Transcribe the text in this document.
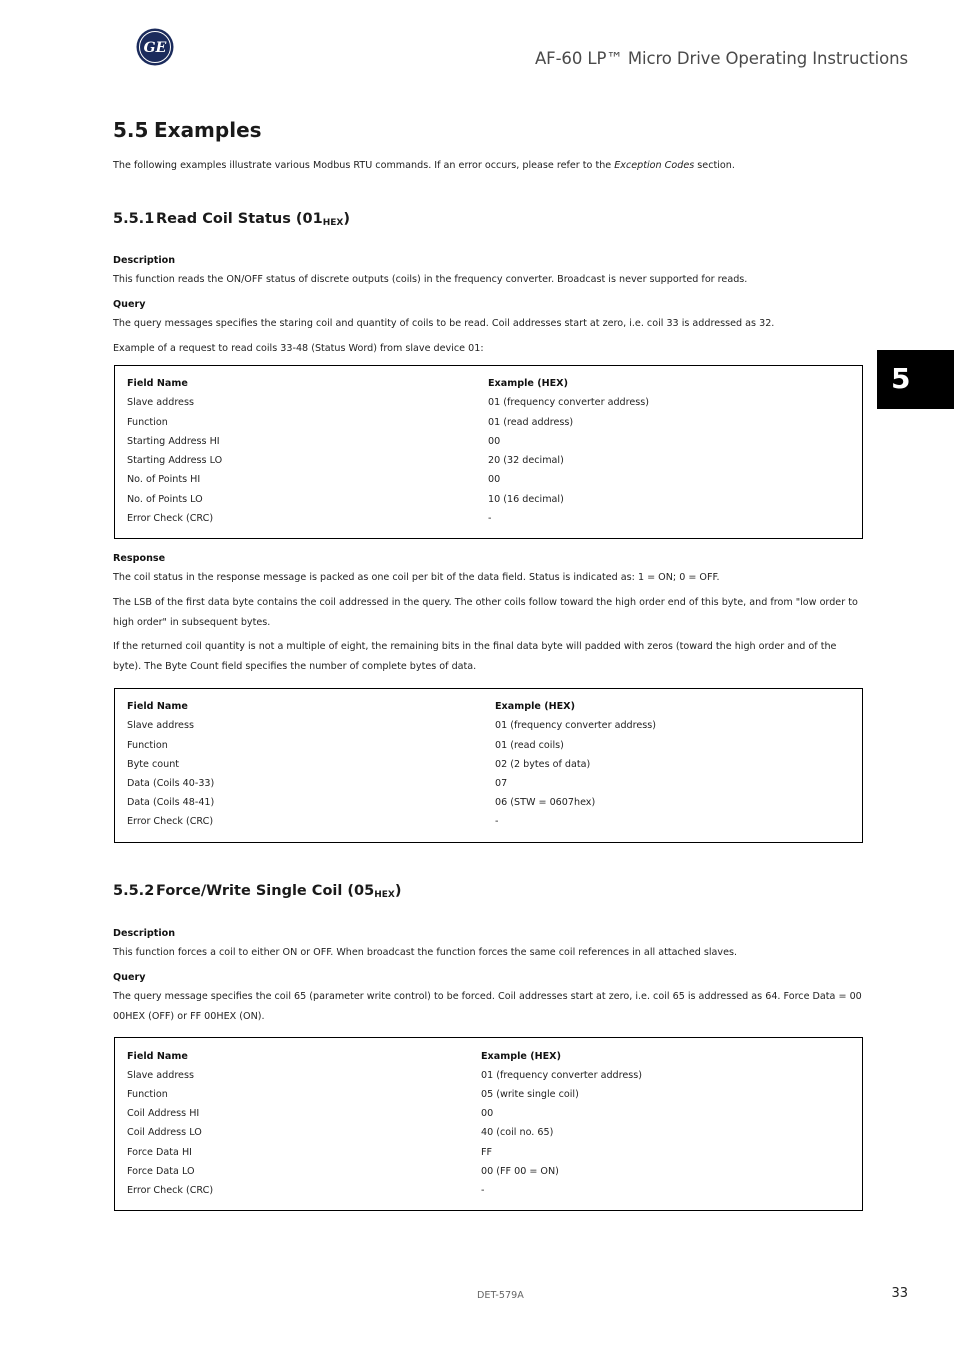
GE
AF-60 LP™ Micro Drive Operating Instructions
5
5.5 Examples
The following examples illustrate various Modbus RTU commands. If an error occurs, please refer to the Exception Codes section.
5.5.1 Read Coil Status $(01_{HEX})$
Description
This function reads the ON/OFF status of discrete outputs (coils) in the frequency converter. Broadcast is never supported for reads.
Query
The query messages specifies the staring coil and quantity of coils to be read. Coil addresses start at zero, i.e. coil 33 is addressed as 32.
Example of a request to read coils 33-48 (Status Word) from slave device 01:
Field Name	Example (HEX)
Slave address	01 (frequency converter address)
Function	01 (read address)
Starting Address HI	00
Starting Address LO	20 (32 decimal)
No. of Points HI	00
No. of Points LO	10 (16 decimal)
Error Check (CRC)	-
Response
The coil status in the response message is packed as one coil per bit of the data field. Status is indicated as: 1 = ON; 0 = OFF.
The LSB of the first data byte contains the coil addressed in the query. The other coils follow toward the high order end of this byte, and from "low order to high order" in subsequent bytes.
If the returned coil quantity is not a multiple of eight, the remaining bits in the final data byte will padded with zeros (toward the high order and of the byte). The Byte Count field specifies the number of complete bytes of data.
Field Name	Example (HEX)
Slave address	01 (frequency converter address)
Function	01 (read coils)
Byte count	02 (2 bytes of data)
Data (Coils 40-33)	07
Data (Coils 48-41)	06 (STW = 0607hex)
Error Check (CRC)	-
5.5.2 Force/Write Single Coil $(05_{HEX})$
Description
This function forces a coil to either ON or OFF. When broadcast the function forces the same coil references in all attached slaves.
Query
The query message specifies the coil 65 (parameter write control) to be forced. Coil addresses start at zero, i.e. coil 65 is addressed as 64. Force Data = 00 00HEX (OFF) or FF 00HEX (ON).
Field Name	Example (HEX)
Slave address	01 (frequency converter address)
Function	05 (write single coil)
Coil Address HI	00
Coil Address LO	40 (coil no. 65)
Force Data HI	FF
Force Data LO	00 (FF 00 = ON)
Error Check (CRC)	-
DET-579A	33
